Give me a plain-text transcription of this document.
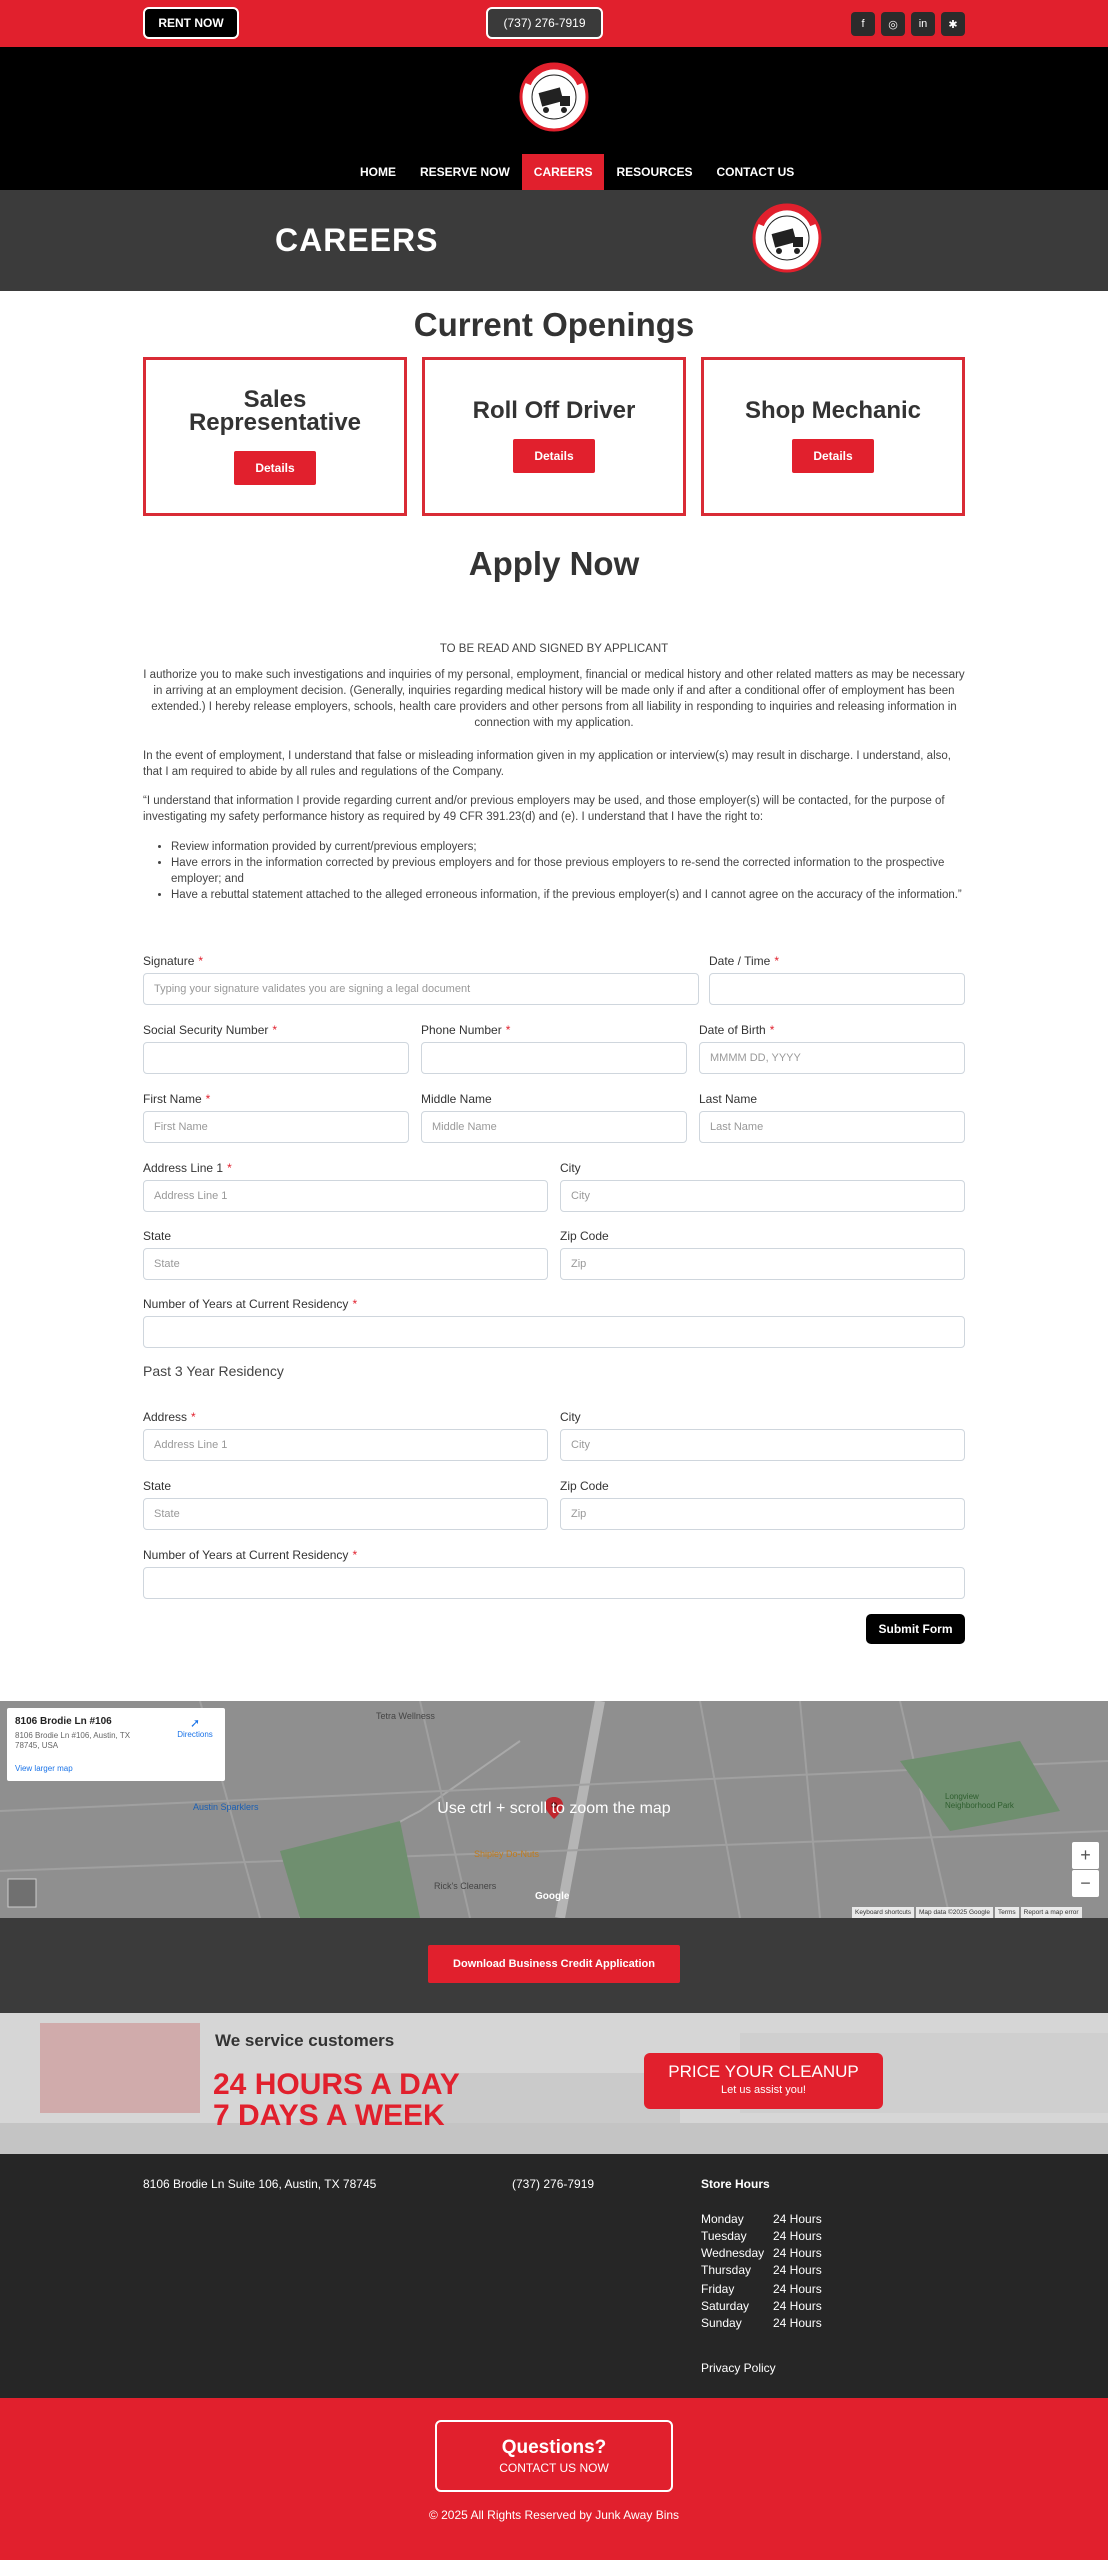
RENT NOW	(737) 276-7919	f	◎	in	✱
HOME	RESERVE NOW	CAREERS	RESOURCES	CONTACT US
CAREERS
Current Openings
Sales
Representative
Details
Roll Off Driver
Details
Shop Mechanic
Details
Apply Now
TO BE READ AND SIGNED BY APPLICANT
I authorize you to make such investigations and inquiries of my personal, employment, financial or medical history and other related matters as may be necessary in arriving at an employment decision. (Generally, inquiries regarding medical history will be made only if and after a conditional offer of employment has been extended.) I hereby release employers, schools, health care providers and other persons from all liability in responding to inquiries and releasing information in connection with my application.
In the event of employment, I understand that false or misleading information given in my application or interview(s) may result in discharge. I understand, also, that I am required to abide by all rules and regulations of the Company.
“I understand that information I provide regarding current and/or previous employers may be used, and those employer(s) will be contacted, for the purpose of investigating my safety performance history as required by 49 CFR 391.23(d) and (e). I understand that I have the right to:
• Review information provided by current/previous employers;
• Have errors in the information corrected by previous employers and for those previous employers to re-send the corrected information to the prospective employer; and
• Have a rebuttal statement attached to the alleged erroneous information, if the previous employer(s) and I cannot agree on the accuracy of the information.”
Signature *
Typing your signature validates you are signing a legal document
Date / Time *
Social Security Number *	Phone Number *	Date of Birth *
MMMM DD, YYYY
First Name *
First Name
Middle Name
Middle Name
Last Name
Last Name
Address Line 1 *
Address Line 1
City
City
State
State
Zip Code
Zip
Number of Years at Current Residency *
Past 3 Year Residency
Address *
Address Line 1
City
City
State
State
Zip Code
Zip
Number of Years at Current Residency *
Submit Form
Tetra Wellness
Austin Sparklers
Shipley Do-Nuts
Rick's Cleaners
Longview Neighborhood Park
8106 Brodie Ln #106
8106 Brodie Ln #106, Austin, TX 78745, USA
View larger map
➚
Directions
Use ctrl + scroll to zoom the map
+
−
Google
Keyboard shortcuts	Map data ©2025 Google	Terms	Report a map error
Download Business Credit Application
We service customers
24 HOURS A DAY
7 DAYS A WEEK
PRICE YOUR CLEANUP
Let us assist you!
8106 Brodie Ln Suite 106, Austin, TX 78745	(737) 276-7919	Store Hours
Monday 24 Hours
Tuesday 24 Hours
Wednesday 24 Hours
Thursday 24 Hours
Friday	24 Hours
Saturday 24 Hours
Sunday	24 Hours
Privacy Policy
Questions?
CONTACT US NOW
© 2025 All Rights Reserved by Junk Away Bins
